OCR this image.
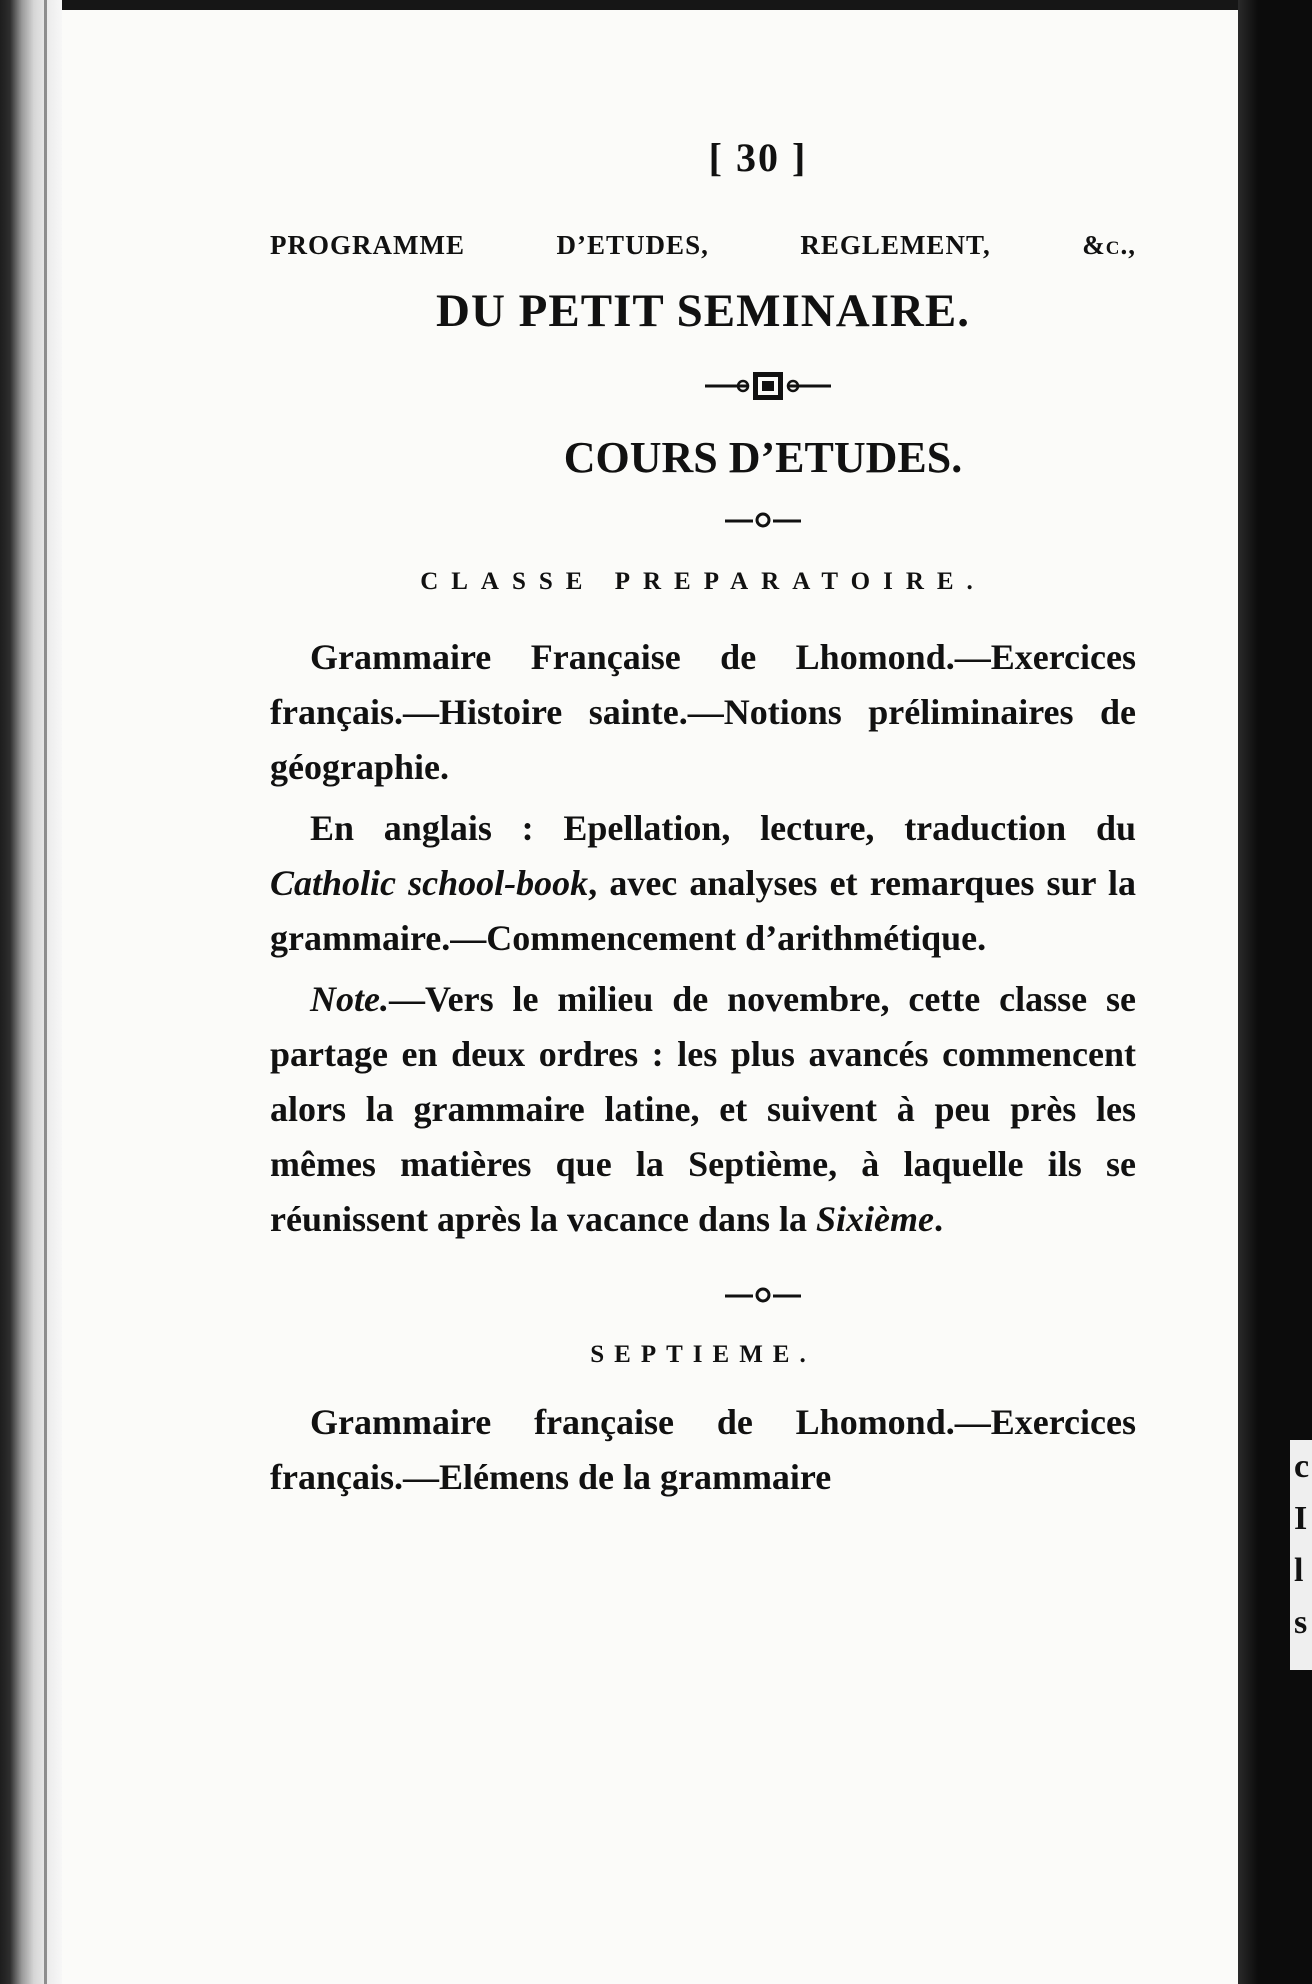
[ 30 ]
PROGRAMME D’ETUDES, REGLEMENT, &c.,
DU PETIT SEMINAIRE.
COURS D’ETUDES.
CLASSE PREPARATOIRE.

Grammaire Française de Lhomond.—Exercices français.—Histoire sainte.—Notions préliminaires de géographie.

En anglais : Epellation, lecture, traduction du Catholic school-book, avec analyses et remarques sur la grammaire.—Commencement d’arithmétique.

Note.—Vers le milieu de novembre, cette classe se partage en deux ordres : les plus avancés commencent alors la grammaire latine, et suivent à peu près les mêmes matières que la Septième, à laquelle ils se réunissent après la vacance dans la Sixième.

SEPTIEME.

Grammaire française de Lhomond.—Exercices français.—Elémens de la grammaire	c
I
l
s
